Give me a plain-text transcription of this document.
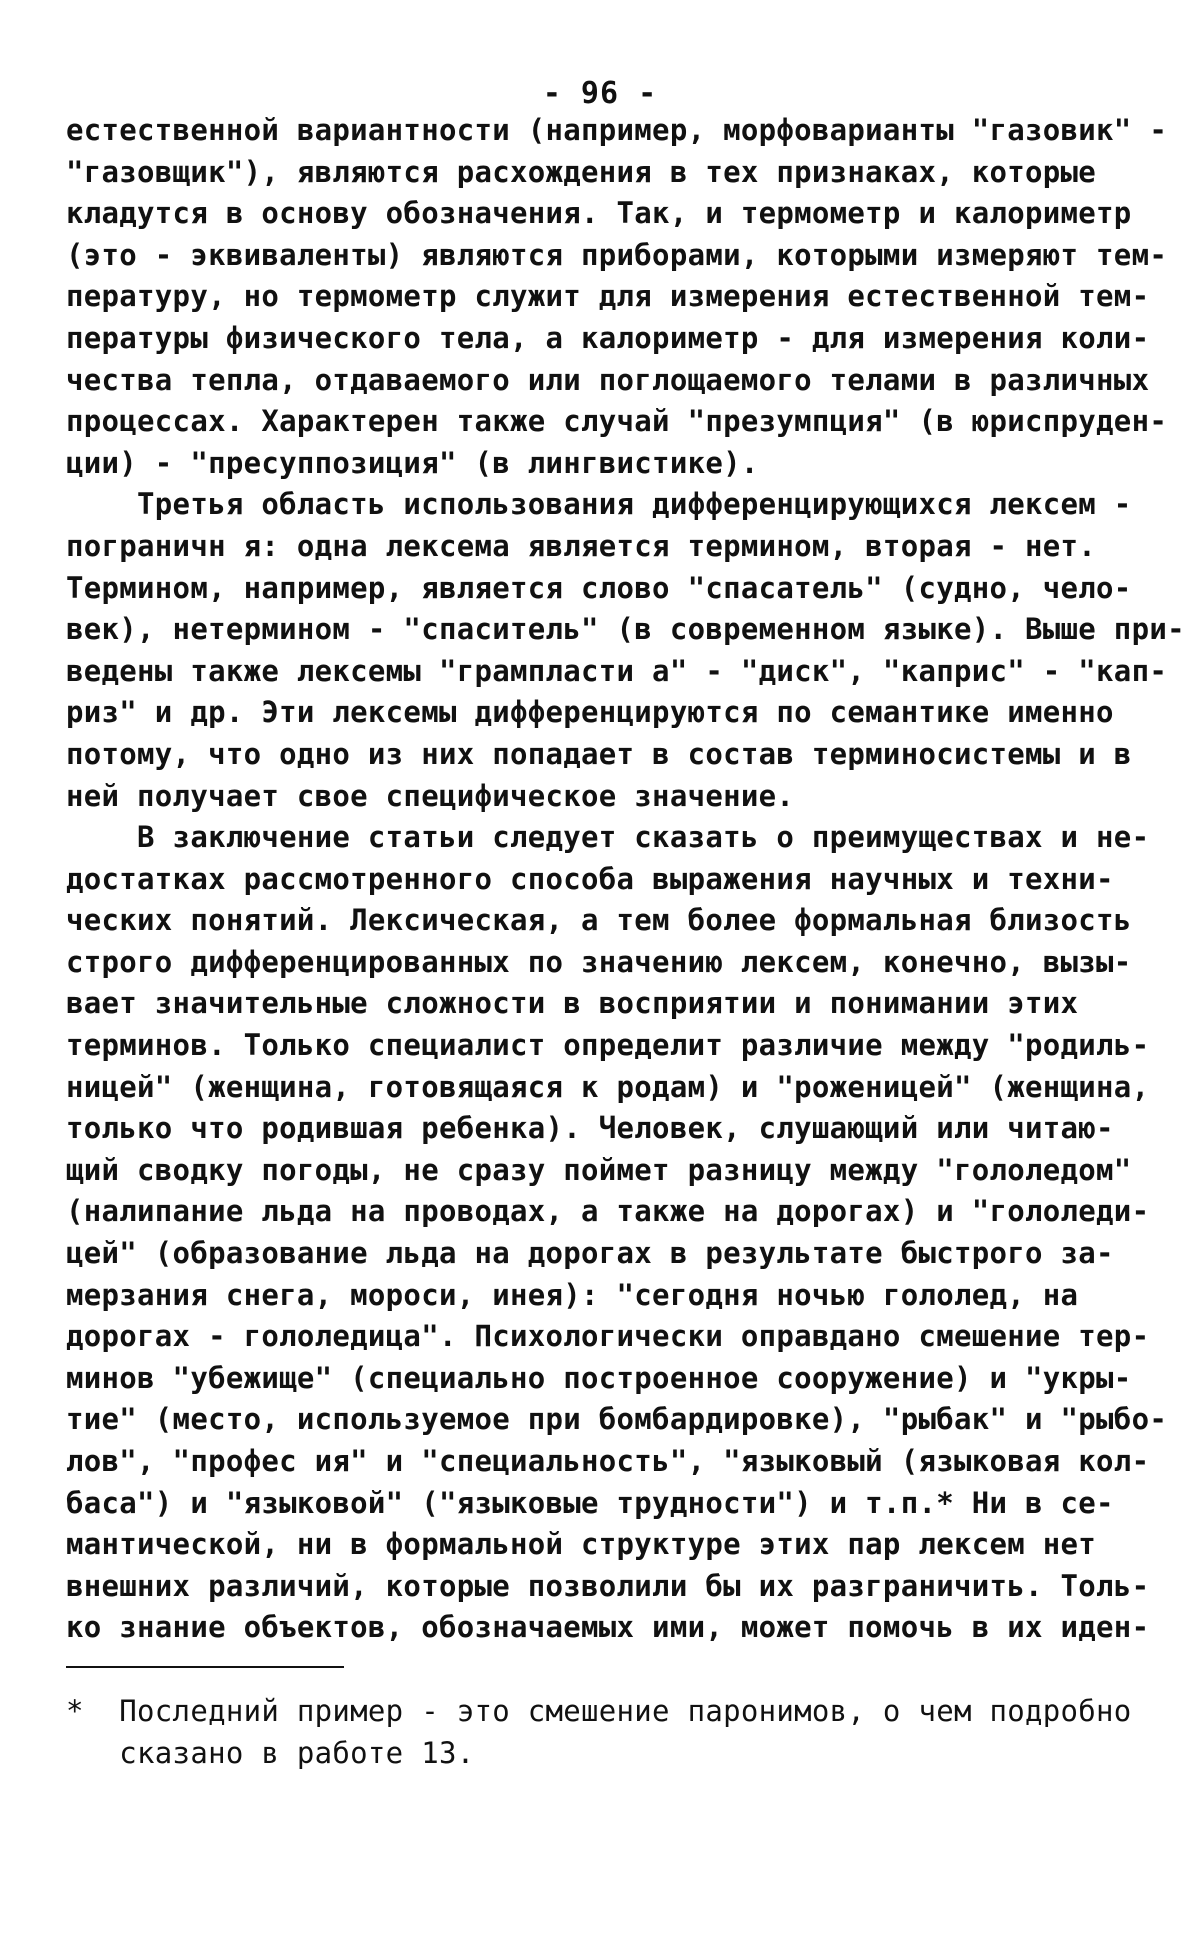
- 96 -
естественной вариантности (например, морфоварианты "газовик" -
"газовщик"), являются расхождения в тех признаках, которые
кладутся в основу обозначения. Так, и термометр и калориметр
(это - эквиваленты) являются приборами, которыми измеряют тем-
пературу, но термометр служит для измерения естественной тем-
пературы физического тела, а калориметр - для измерения коли-
чества тепла, отдаваемого или поглощаемого телами в различных
процессах. Характерен также случай "презумпция" (в юриспруден-
ции) - "пресуппозиция" (в лингвистике).
Третья область использования дифференцирующихся лексем -
пограничн я: одна лексема является термином, вторая - нет.
Термином, например, является слово "спасатель" (судно, чело-
век), нетермином - "спаситель" (в современном языке). Выше при-
ведены также лексемы "грампласти а" - "диск", "каприс" - "кап-
риз" и др. Эти лексемы дифференцируются по семантике именно
потому, что одно из них попадает в состав терминосистемы и в
ней получает свое специфическое значение.
В заключение статьи следует сказать о преимуществах и не-
достатках рассмотренного способа выражения научных и техни-
ческих понятий. Лексическая, а тем более формальная близость
строго дифференцированных по значению лексем, конечно, вызы-
вает значительные сложности в восприятии и понимании этих
терминов. Только специалист определит различие между "родиль-
ницей" (женщина, готовящаяся к родам) и "роженицей" (женщина,
только что родившая ребенка). Человек, слушающий или читаю-
щий сводку погоды, не сразу поймет разницу между "гололедом"
(налипание льда на проводах, а также на дорогах) и "гололеди-
цей" (образование льда на дорогах в результате быстрого за-
мерзания снега, мороси, инея): "сегодня ночью гололед, на
дорогах - гололедица". Психологически оправдано смешение тер-
минов "убежище" (специально построенное сооружение) и "укры-
тие" (место, используемое при бомбардировке), "рыбак" и "рыбо-
лов", "профес ия" и "специальность", "языковый (языковая кол-
баса") и "языковой" ("языковые трудности") и т.п.* Ни в се-
мантической, ни в формальной структуре этих пар лексем нет
внешних различий, которые позволили бы их разграничить. Толь-
ко знание объектов, обозначаемых ими, может помочь в их иден-
*  Последний пример - это смешение паронимов, о чем подробно
сказано в работе 13.
